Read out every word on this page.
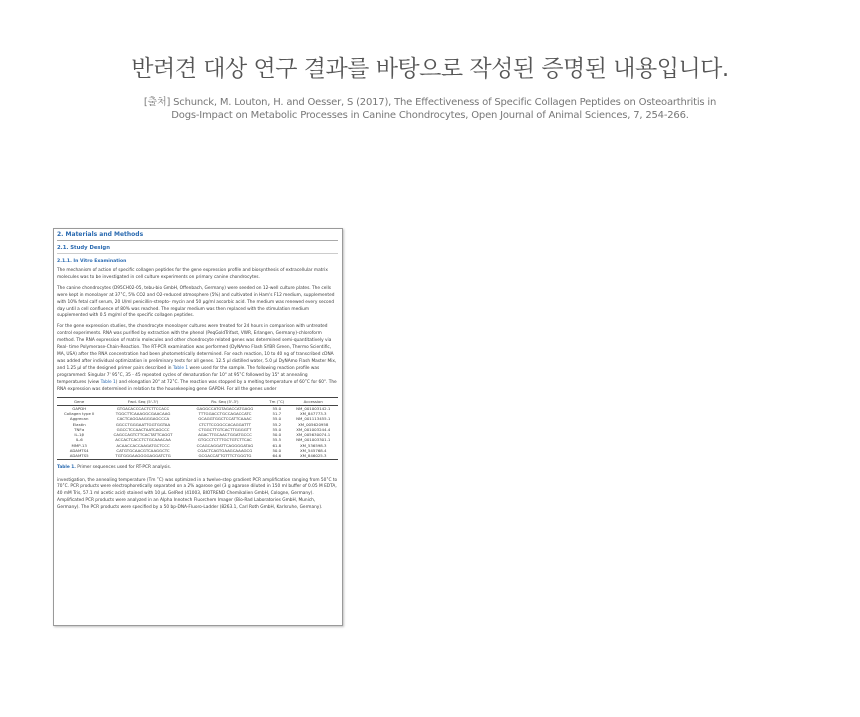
반려견 대상 연구 결과를 바탕으로 작성된 증명된 내용입니다.
[출처] Schunck, M. Louton, H. and Oesser, S (2017), The Effectiveness of Specific Collagen Peptides on Osteoarthritis in
Dogs-Impact on Metabolic Processes in Canine Chondrocytes, Open Journal of Animal Sciences, 7, 254-266.
2. Materials and Methods
2.1. Study Design
2.1.1. In Vitro Examination

The mechanism of action of specific collagen peptides for the gene expression profile and biosynthesis of extracellular matrix molecules was to be investigated in cell culture experiments on primary canine chondrocytes.

The canine chondrocytes (D95CH02-05, tebu-bio GmbH, Offenbach, Germany) were seeded on 12-well culture plates. The cells were kept in monolayer at 37˚C, 5% CO2 and O2-reduced atmosphere (5%) and cultivated in Ham's F12 medium, supplemented with 10% fetal calf serum, 20 U/ml penicillin-strepto- mycin and 50 µg/ml ascorbic acid. The medium was renewed every second day until a cell confluence of 80% was reached. The regular medium was then replaced with the stimulation medium supplemented with 0.5 mg/ml of the specific collagen peptides.

For the gene expression studies, the chondrocyte monolayer cultures were treated for 24 hours in comparison with untreated control experiments. RNA was purified by extraction with the phenol (PeqGoldTrifast, VWR, Erlangen, Germany)-chloroform method. The RNA expression of matrix molecules and other chondrocyte related genes was determined semi-quantitatively via Real- time Polymerase-Chain-Reaction. The RT-PCR examination was performed (DyNAmo Flash SYBR Green, Thermo Scientific, MA, USA) after the RNA concentration had been photometrically determined. For each reaction, 10 to 40 ng of transcribed cDNA was added after individual optimization in preliminary tests for all genes. 12.5 µl distilled water, 5.0 µl DyNAmo Flash Master Mix, and 1.25 µl of the designed primer pairs described in Table 1 were used for the sample. The following reaction profile was programmed: Singular 7' 95˚C, 35 - 45 repeated cycles of denaturation for 10" at 95˚C followed by 15" at annealing temperatures (view Table 1) and elongation 20" at 72˚C. The reaction was stopped by a melting temperature of 60˚C for 60". The RNA expression was determined in relation to the housekeeping gene GAPDH. For all the genes under

Gene	Fwd. Seq (5'-3')	Rv. Seq (5'-3')	Tm (˚C)	Accession
GAPDH	GTGACACCCACTCTTCCACC	GAGGCCATGTAGACCATGAGG	55.0	NM_001003142.1
Collagen type II	TGGCTTCAAAGGCGAACAAG	TTTGGACCTGCCAGACCATC	51.7	XM_847773.3
Aggrecan	CACTCAGGAAGGGAGCCCA	GCAGGTGGCTCCATTCAAAC	55.0	NM_001113455.1
Elastin	GGCCTGGGAATTGGTGGTAA	CTCTTCCGGCCACAGGATTT	55.2	XM_005620958
TNFα	GGCCTCCAACTAATCAGCCC	CTGGCTTGTCACTTGGGGTT	55.0	XM_001003244.4
IL-1β	CAGCCAGTCTTCACTATTCAGGT	AGACTTGCAACTGGATGCCC	50.0	XM_005630074.1
IL-6	ACCACTCACCTCTGCAAACAA	GTGCCTCTTTGCTGTCTTCAC	55.5	NM_001003301.1
MMP-13	ACAACCACCAAGATGCTCCC	CCAGCAGGATTCAGGGGATAG	61.8	XM_536598.3
ADAMTS4	CATGTGCAACGTCAAGGCTC	CGACTCAGTGAAGCAAAGCG	50.0	XM_545768.4
ADAMTS5	TGTGGGAAGGGGAGGATCTG	GCGACCATTGTTTCTGGGTG	64.6	XM_846025.3

Table 1. Primer sequences used for RT-PCR analysis.

investigation, the annealing temperature (Tm ˚C) was optimized in a twelve-step gradient PCR amplification ranging from 50˚C to 70˚C. PCR products were electrophoretically separated on a 2% agarose gel (3 g agarose diluted in 150 ml buffer of 0.05 M EDTA, 40 mM Tris, 57.1 ml acetic acid) stained with 10 µL GelRed (41003, BIOTREND Chemikalien GmbH, Cologne, Germany). Amplificated PCR products were analyzed in an Alpha Innotech Fluorchem Imager (Bio-Rad Laboratories GmbH, Munich, Germany). The PCR products were specified by a 50 bp-DNA-Fluoro-Ladder (8263.1, Carl Roth GmbH, Karlsruhe, Germany).
